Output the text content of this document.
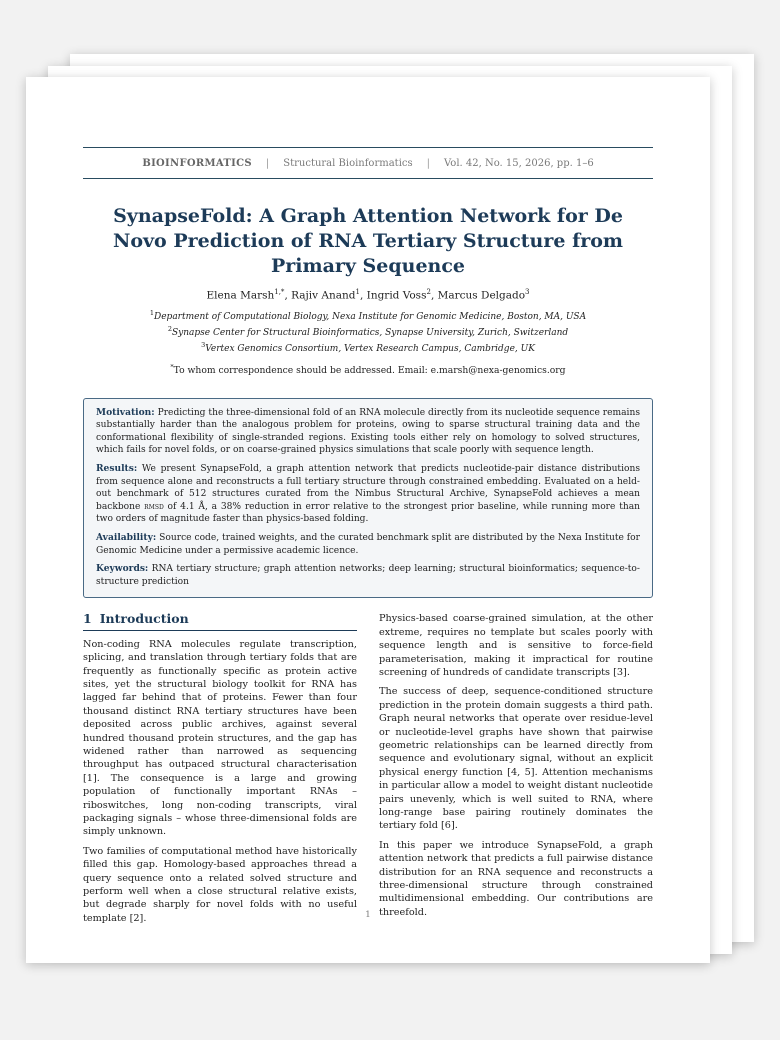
BIOINFORMATICS | Structural Bioinformatics | Vol. 42, No. 15, 2026, pp. 1–6
SynapseFold: A Graph Attention Network for De Novo Prediction of RNA Tertiary Structure from Primary Sequence
Elena Marsh$^{1,*}$, Rajiv Anand$^1$, Ingrid Voss$^2$, Marcus Delgado$^3$
$^1$Department of Computational Biology, Nexa Institute for Genomic Medicine, Boston, MA, USA
$^2$Synapse Center for Structural Bioinformatics, Synapse University, Zurich, Switzerland
$^3$Vertex Genomics Consortium, Vertex Research Campus, Cambridge, UK
*To whom correspondence should be addressed. Email: e.marsh@nexa-genomics.org

Motivation: Predicting the three-dimensional fold of an RNA molecule directly from its nucleotide sequence remains substantially harder than the analogous problem for proteins, owing to sparse structural training data and the conformational flexibility of single-stranded regions. Existing tools either rely on homology to solved structures, which fails for novel folds, or on coarse-grained physics simulations that scale poorly with sequence length.

Results: We present SynapseFold, a graph attention network that predicts nucleotide-pair distance distributions from sequence alone and reconstructs a full tertiary structure through constrained embedding. Evaluated on a held-out benchmark of 512 structures curated from the Nimbus Structural Archive, SynapseFold achieves a mean backbone rmsd of 4.1 Å, a 38% reduction in error relative to the strongest prior baseline, while running more than two orders of magnitude faster than physics-based folding.

Availability: Source code, trained weights, and the curated benchmark split are distributed by the Nexa Institute for Genomic Medicine under a permissive academic licence.

Keywords: RNA tertiary structure; graph attention networks; deep learning; structural bioinformatics; sequence-to-structure prediction

1 Introduction

Non-coding RNA molecules regulate transcription, splicing, and translation through tertiary folds that are frequently as functionally specific as protein active sites, yet the structural biology toolkit for RNA has lagged far behind that of proteins. Fewer than four thousand distinct RNA tertiary structures have been deposited across public archives, against several hundred thousand protein structures, and the gap has widened rather than narrowed as sequencing throughput has outpaced structural characterisation [1]. The consequence is a large and growing population of functionally important RNAs – riboswitches, long non-coding transcripts, viral packaging signals – whose three-dimensional folds are simply unknown.

Two families of computational method have historically filled this gap. Homology-based approaches thread a query sequence onto a related solved structure and perform well when a close structural relative exists, but degrade sharply for novel folds with no useful template [2].

Physics-based coarse-grained simulation, at the other extreme, requires no template but scales poorly with sequence length and is sensitive to force-field parameterisation, making it impractical for routine screening of hundreds of candidate transcripts [3].

The success of deep, sequence-conditioned structure prediction in the protein domain suggests a third path. Graph neural networks that operate over residue-level or nucleotide-level graphs have shown that pairwise geometric relationships can be learned directly from sequence and evolutionary signal, without an explicit physical energy function [4, 5]. Attention mechanisms in particular allow a model to weight distant nucleotide pairs unevenly, which is well suited to RNA, where long-range base pairing routinely dominates the tertiary fold [6].

In this paper we introduce SynapseFold, a graph attention network that predicts a full pairwise distance distribution for an RNA sequence and reconstructs a three-dimensional structure through constrained multidimensional embedding. Our contributions are threefold.

1
